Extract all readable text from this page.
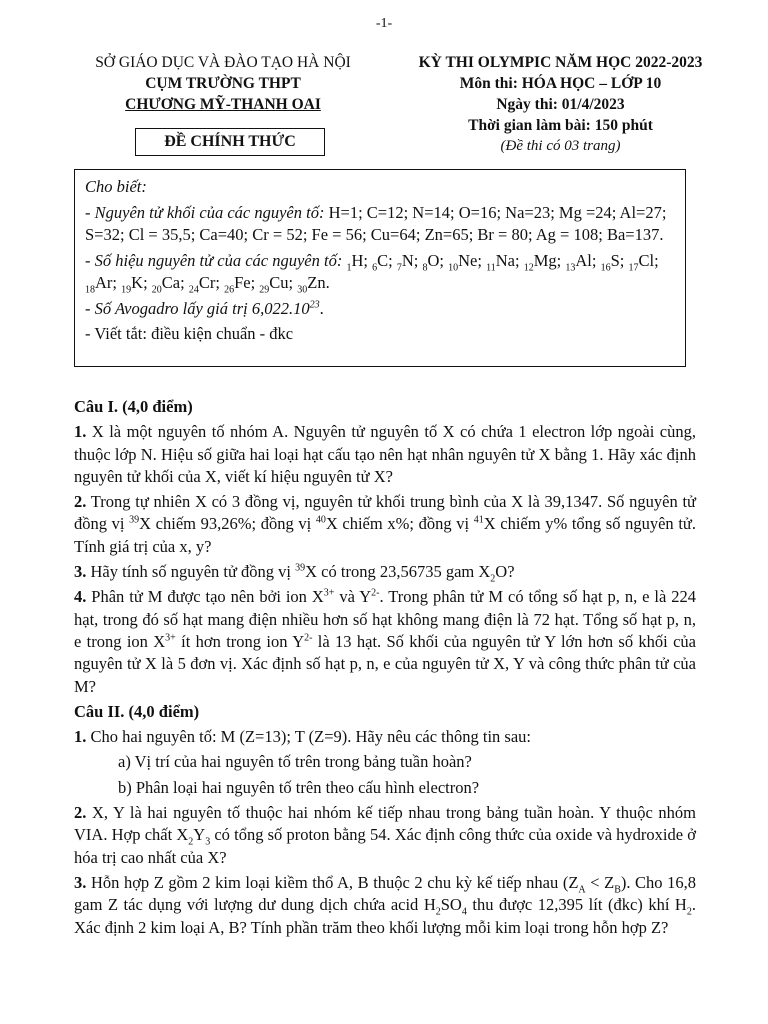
-1-
SỞ GIÁO DỤC VÀ ĐÀO TẠO HÀ NỘI
CỤM TRƯỜNG THPT
CHƯƠNG MỸ-THANH OAI
ĐỀ CHÍNH THỨC
KỲ THI OLYMPIC NĂM HỌC 2022-2023
Môn thi: HÓA HỌC – LỚP 10
Ngày thi: 01/4/2023
Thời gian làm bài: 150 phút
(Đề thi có 03 trang)

Cho biết:

- Nguyên tử khối của các nguyên tố: H=1; C=12; N=14; O=16; Na=23; Mg =24; Al=27; S=32; Cl = 35,5; Ca=40; Cr = 52; Fe = 56; Cu=64; Zn=65; Br = 80; Ag = 108; Ba=137.

- Số hiệu nguyên tử của các nguyên tố: $_1$H; $_6$C; $_7$N; $_8$O; $_{10}$Ne; $_{11}$Na; $_{12}$Mg; $_{13}$Al; $_{16}$S; $_{17}$Cl; $_{18}$Ar; $_{19}$K; $_{20}$Ca; $_{24}$Cr; $_{26}$Fe; $_{29}$Cu; $_{30}$Zn.

- Số Avogadro lấy giá trị 6,022.10$^{23}$.

- Viết tắt: điều kiện chuẩn - đkc

Câu I. (4,0 điểm)

1. X là một nguyên tố nhóm A. Nguyên tử nguyên tố X có chứa 1 electron lớp ngoài cùng, thuộc lớp N. Hiệu số giữa hai loại hạt cấu tạo nên hạt nhân nguyên tử X bằng 1. Hãy xác định nguyên tử khối của X, viết kí hiệu nguyên tử X?

2. Trong tự nhiên X có 3 đồng vị, nguyên tử khối trung bình của X là 39,1347. Số nguyên tử đồng vị $^{39}$X chiếm 93,26%; đồng vị $^{40}$X chiếm x%; đồng vị $^{41}$X chiếm y% tổng số nguyên tử. Tính giá trị của x, y?

3. Hãy tính số nguyên tử đồng vị $^{39}$X có trong 23,56735 gam $X_2O$?

4. Phân tử M được tạo nên bởi ion $X^{3+}$ và $Y^{2-}$. Trong phân tử M có tổng số hạt p, n, e là 224 hạt, trong đó số hạt mang điện nhiều hơn số hạt không mang điện là 72 hạt. Tổng số hạt p, n, e trong ion $X^{3+}$ ít hơn trong ion $Y^{2-}$ là 13 hạt. Số khối của nguyên tử Y lớn hơn số khối của nguyên tử X là 5 đơn vị. Xác định số hạt p, n, e của nguyên tử X, Y và công thức phân tử của M?

Câu II. (4,0 điểm)

1. Cho hai nguyên tố: M (Z=13); T (Z=9). Hãy nêu các thông tin sau:

a) Vị trí của hai nguyên tố trên trong bảng tuần hoàn?

b) Phân loại hai nguyên tố trên theo cấu hình electron?

2. X, Y là hai nguyên tố thuộc hai nhóm kế tiếp nhau trong bảng tuần hoàn. Y thuộc nhóm VIA. Hợp chất $X_2Y_3$ có tổng số proton bằng 54. Xác định công thức của oxide và hydroxide ở hóa trị cao nhất của X?

3. Hỗn hợp Z gồm 2 kim loại kiềm thổ A, B thuộc 2 chu kỳ kế tiếp nhau $(Z_A < Z_B)$. Cho 16,8 gam Z tác dụng với lượng dư dung dịch chứa acid $H_2SO_4$ thu được 12,395 lít (đkc) khí $H_2$. Xác định 2 kim loại A, B? Tính phần trăm theo khối lượng mỗi kim loại trong hỗn hợp Z?
